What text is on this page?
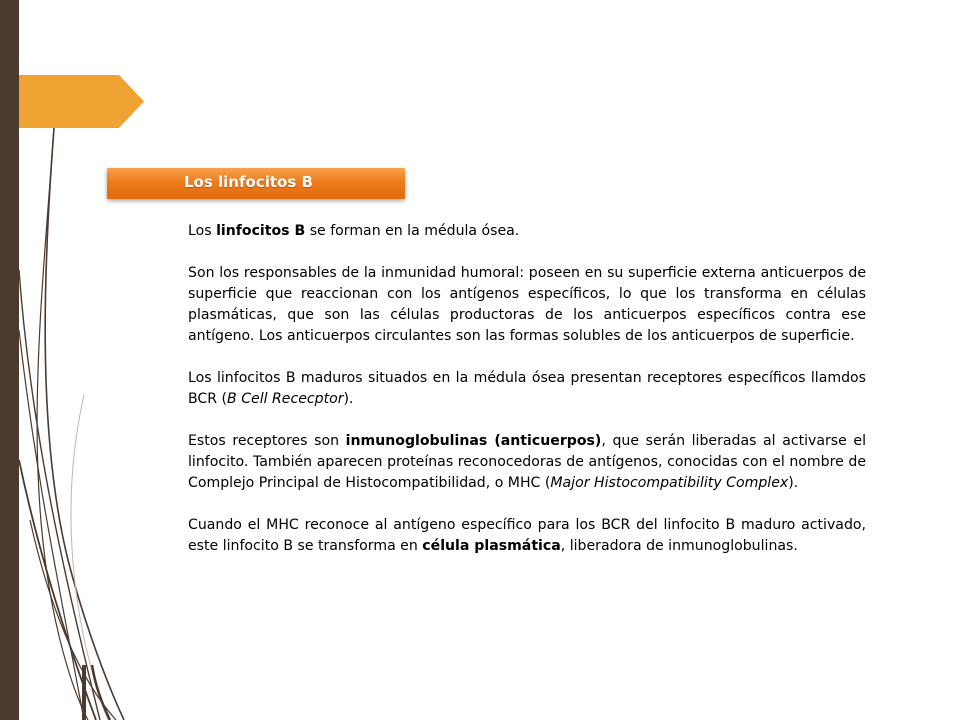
Los linfocitos B

Los linfocitos B se forman en la médula ósea.

Son los responsables de la inmunidad humoral: poseen en su superficie externa anticuerpos de superficie que reaccionan con los antígenos específicos, lo que los transforma en células plasmáticas, que son las células productoras de los anticuerpos específicos contra ese antígeno. Los anticuerpos circulantes son las formas solubles de los anticuerpos de superficie.

Los linfocitos B maduros situados en la médula ósea presentan receptores específicos llamdos BCR (B Cell Rececptor).

Estos receptores son inmunoglobulinas (anticuerpos), que serán liberadas al activarse el linfocito. También aparecen proteínas reconocedoras de antígenos, conocidas con el nombre de Complejo Principal de Histocompatibilidad, o MHC (Major Histocompatibility Complex).

Cuando el MHC reconoce al antígeno específico para los BCR del linfocito B maduro activado, este linfocito B se transforma en célula plasmática, liberadora de inmunoglobulinas.
